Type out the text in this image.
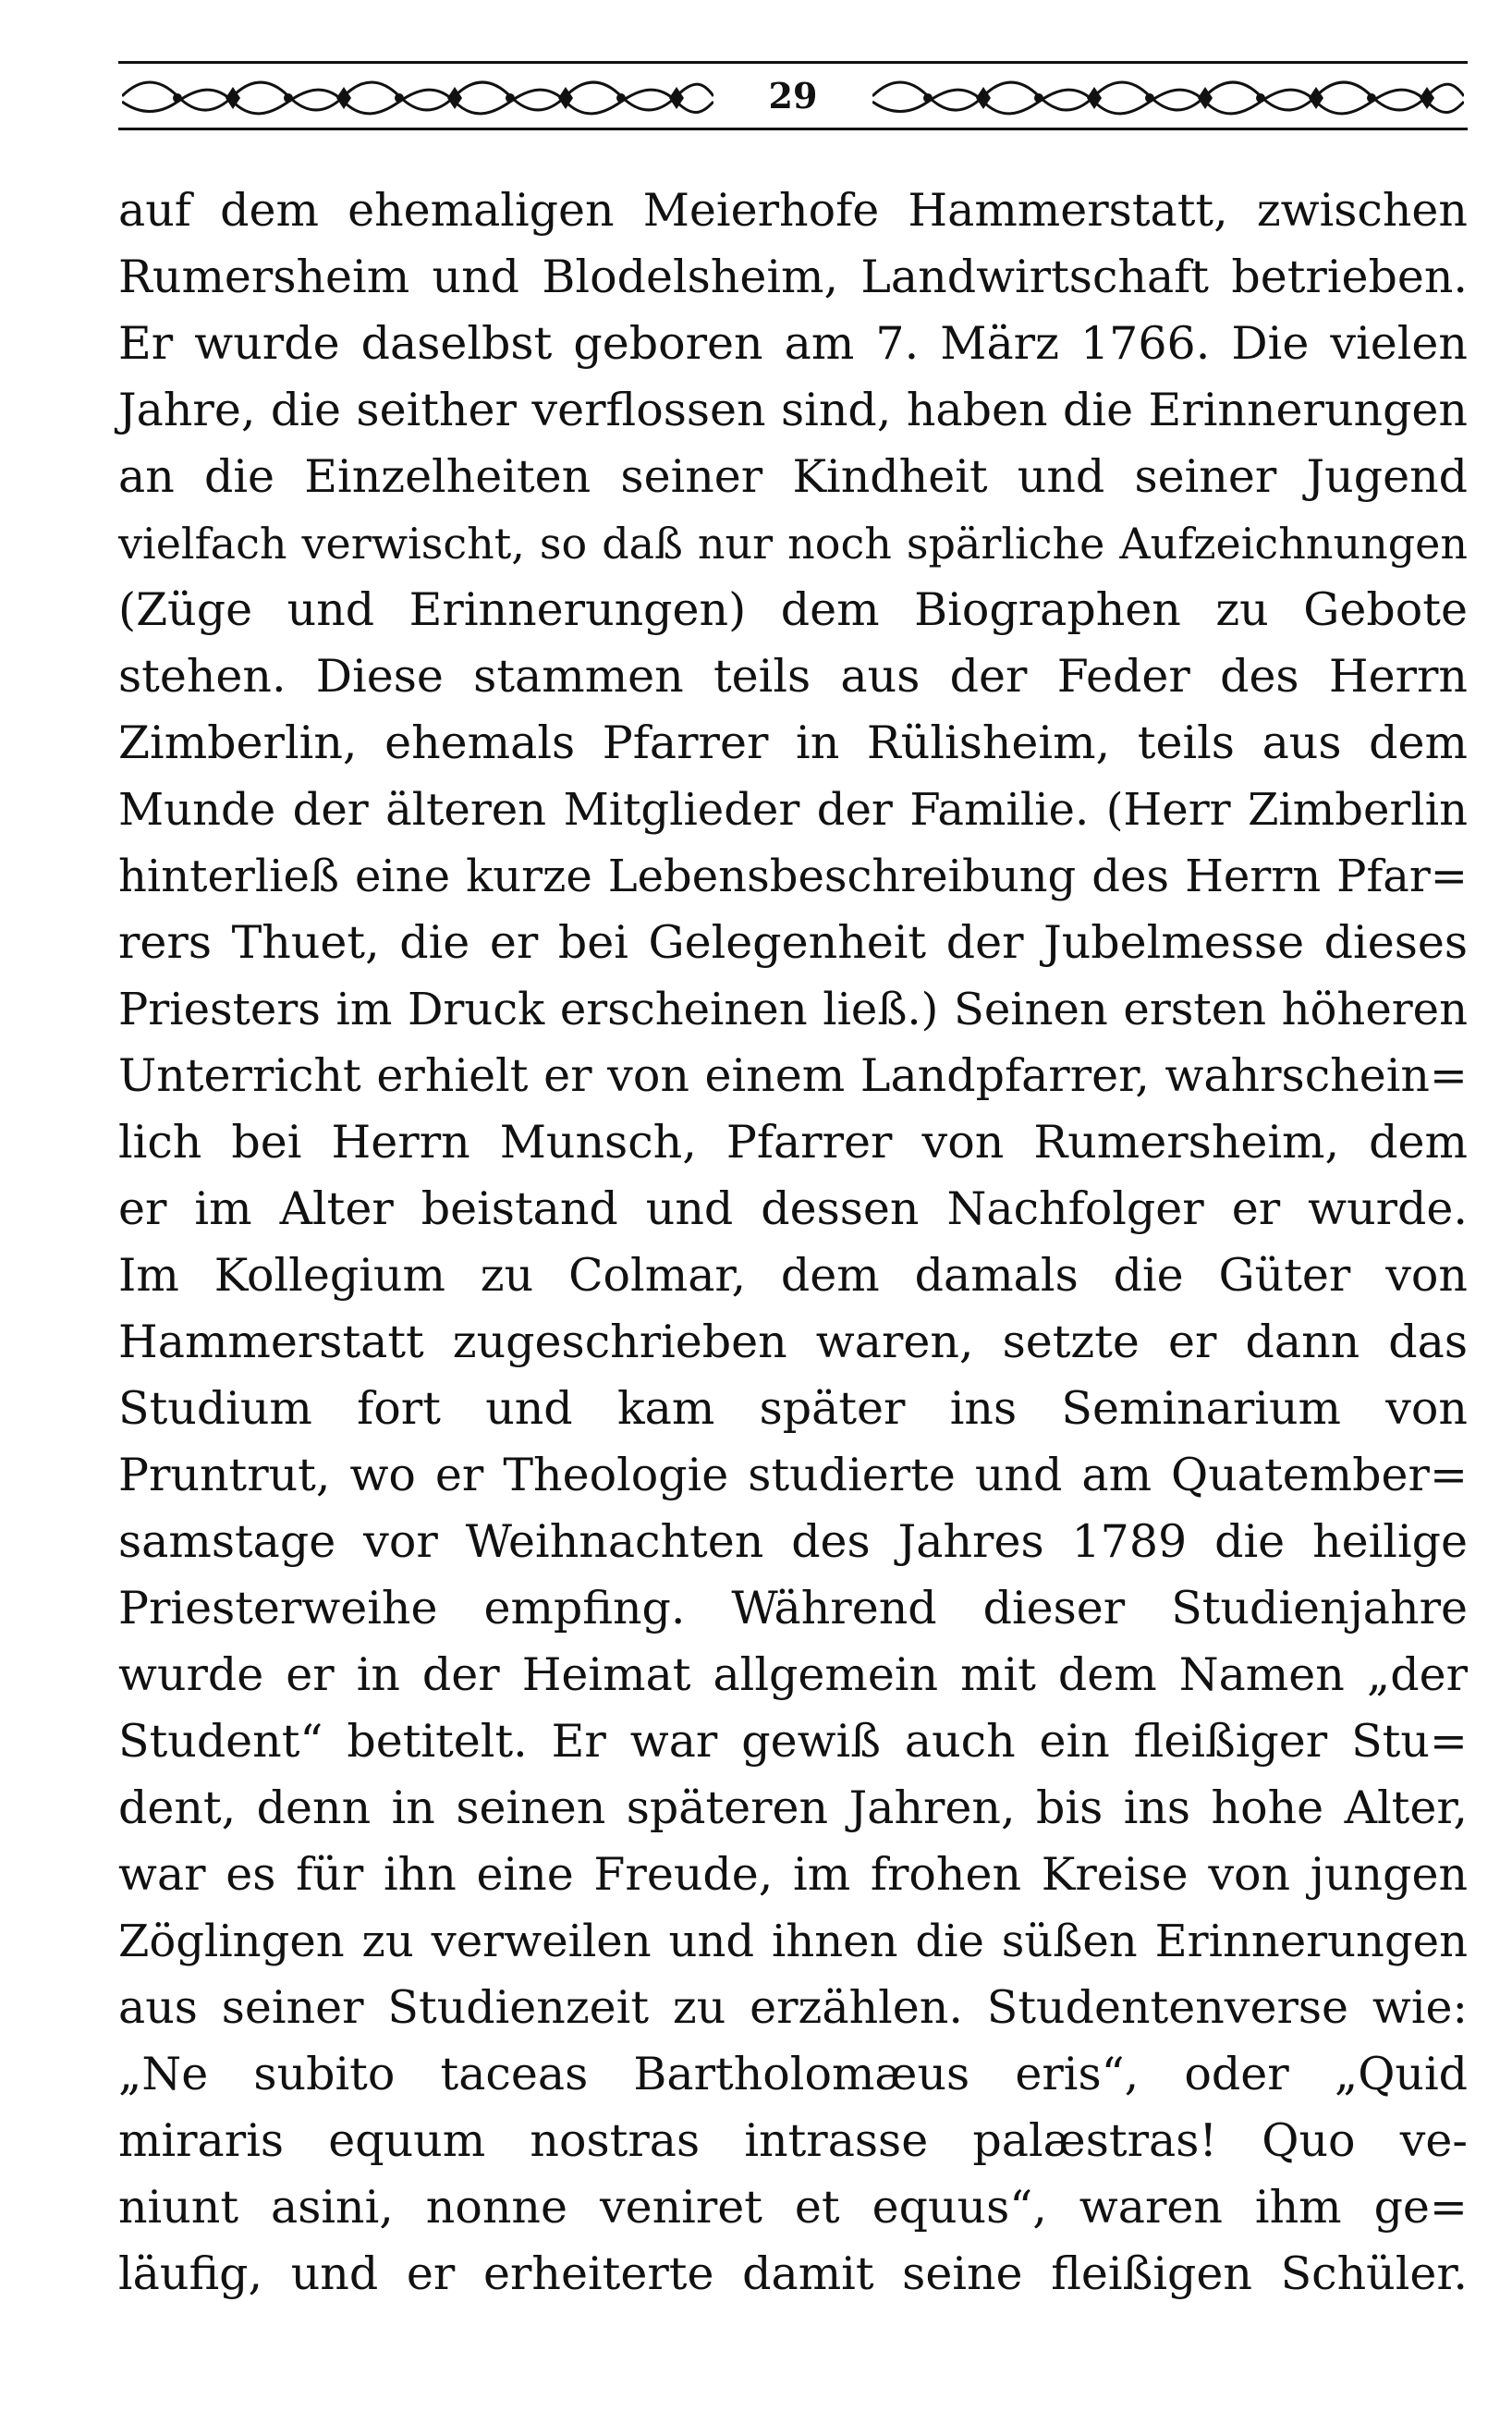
29
auf dem ehemaligen Meierhofe Hammerstatt, zwischen
Rumersheim und Blodelsheim, Landwirtschaft betrieben.
Er wurde daselbst geboren am 7. März 1766. Die vielen
Jahre, die seither verflossen sind, haben die Erinnerungen
an die Einzelheiten seiner Kindheit und seiner Jugend
vielfach verwischt, so daß nur noch spärliche Aufzeichnungen
(Züge und Erinnerungen) dem Biographen zu Gebote
stehen. Diese stammen teils aus der Feder des Herrn
Zimberlin, ehemals Pfarrer in Rülisheim, teils aus dem
Munde der älteren Mitglieder der Familie. (Herr Zimberlin
hinterließ eine kurze Lebensbeschreibung des Herrn Pfar=
rers Thuet, die er bei Gelegenheit der Jubelmesse dieses
Priesters im Druck erscheinen ließ.) Seinen ersten höheren
Unterricht erhielt er von einem Landpfarrer, wahrschein=
lich bei Herrn Munsch, Pfarrer von Rumersheim, dem
er im Alter beistand und dessen Nachfolger er wurde.
Im Kollegium zu Colmar, dem damals die Güter von
Hammerstatt zugeschrieben waren, setzte er dann das
Studium fort und kam später ins Seminarium von
Pruntrut, wo er Theologie studierte und am Quatember=
samstage vor Weihnachten des Jahres 1789 die heilige
Priesterweihe empfing. Während dieser Studienjahre
wurde er in der Heimat allgemein mit dem Namen „der
Student“ betitelt. Er war gewiß auch ein fleißiger Stu=
dent, denn in seinen späteren Jahren, bis ins hohe Alter,
war es für ihn eine Freude, im frohen Kreise von jungen
Zöglingen zu verweilen und ihnen die süßen Erinnerungen
aus seiner Studienzeit zu erzählen. Studentenverse wie:
„Ne subito taceas Bartholomæus eris“, oder „Quid
miraris equum nostras intrasse palæstras! Quo ve-
niunt asini, nonne veniret et equus“, waren ihm ge=
läufig, und er erheiterte damit seine fleißigen Schüler.
